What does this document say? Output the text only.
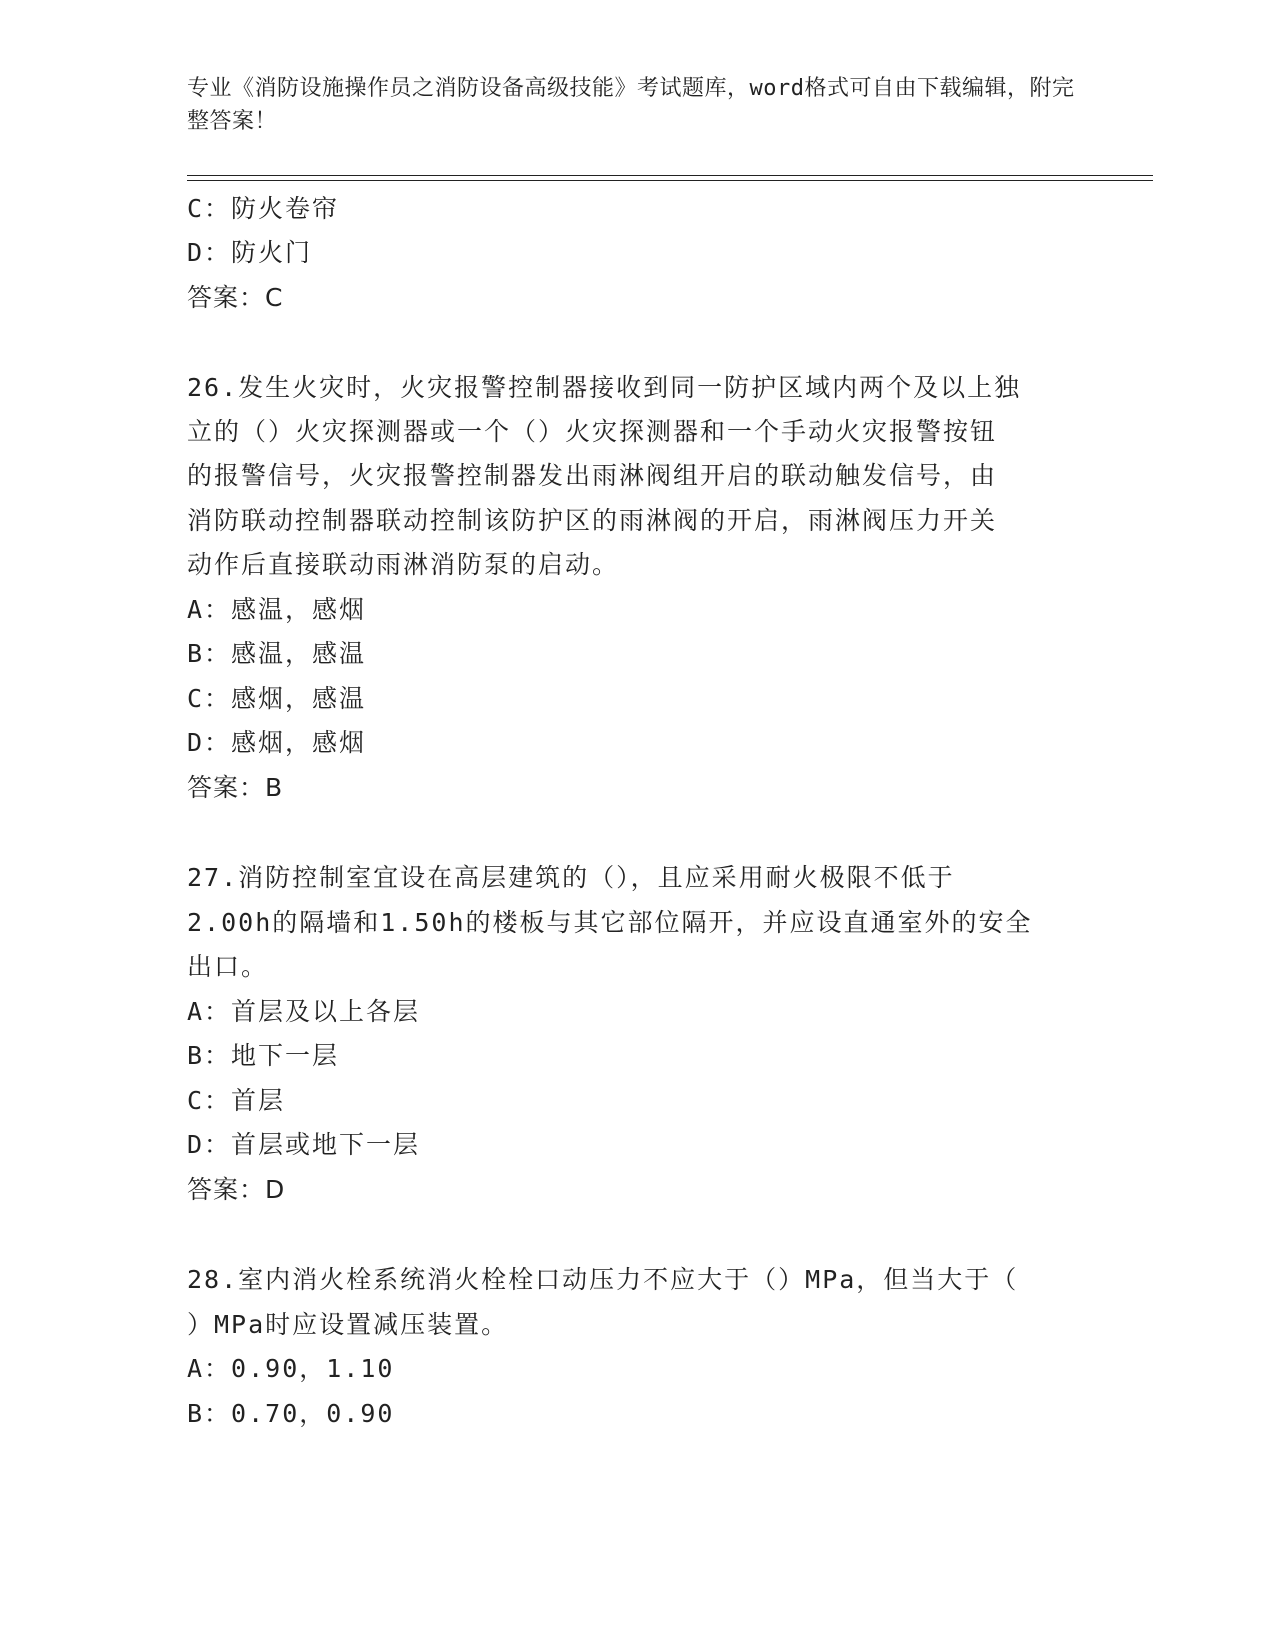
专业《消防设施操作员之消防设备高级技能》考试题库，word格式可自由下载编辑，附完整答案！
C：防火卷帘
D：防火门
答案：C
26.发生火灾时，火灾报警控制器接收到同一防护区域内两个及以上独
立的（）火灾探测器或一个（）火灾探测器和一个手动火灾报警按钮
的报警信号，火灾报警控制器发出雨淋阀组开启的联动触发信号，由
消防联动控制器联动控制该防护区的雨淋阀的开启，雨淋阀压力开关
动作后直接联动雨淋消防泵的启动。
A：感温，感烟
B：感温，感温
C：感烟，感温
D：感烟，感烟
答案：B
27.消防控制室宜设在高层建筑的（），且应采用耐火极限不低于
2.00h的隔墙和1.50h的楼板与其它部位隔开，并应设直通室外的安全
出口。
A：首层及以上各层
B：地下一层
C：首层
D：首层或地下一层
答案：D
28.室内消火栓系统消火栓栓口动压力不应大于（）MPa，但当大于（
）MPa时应设置减压装置。
A：0.90，1.10
B：0.70，0.90
